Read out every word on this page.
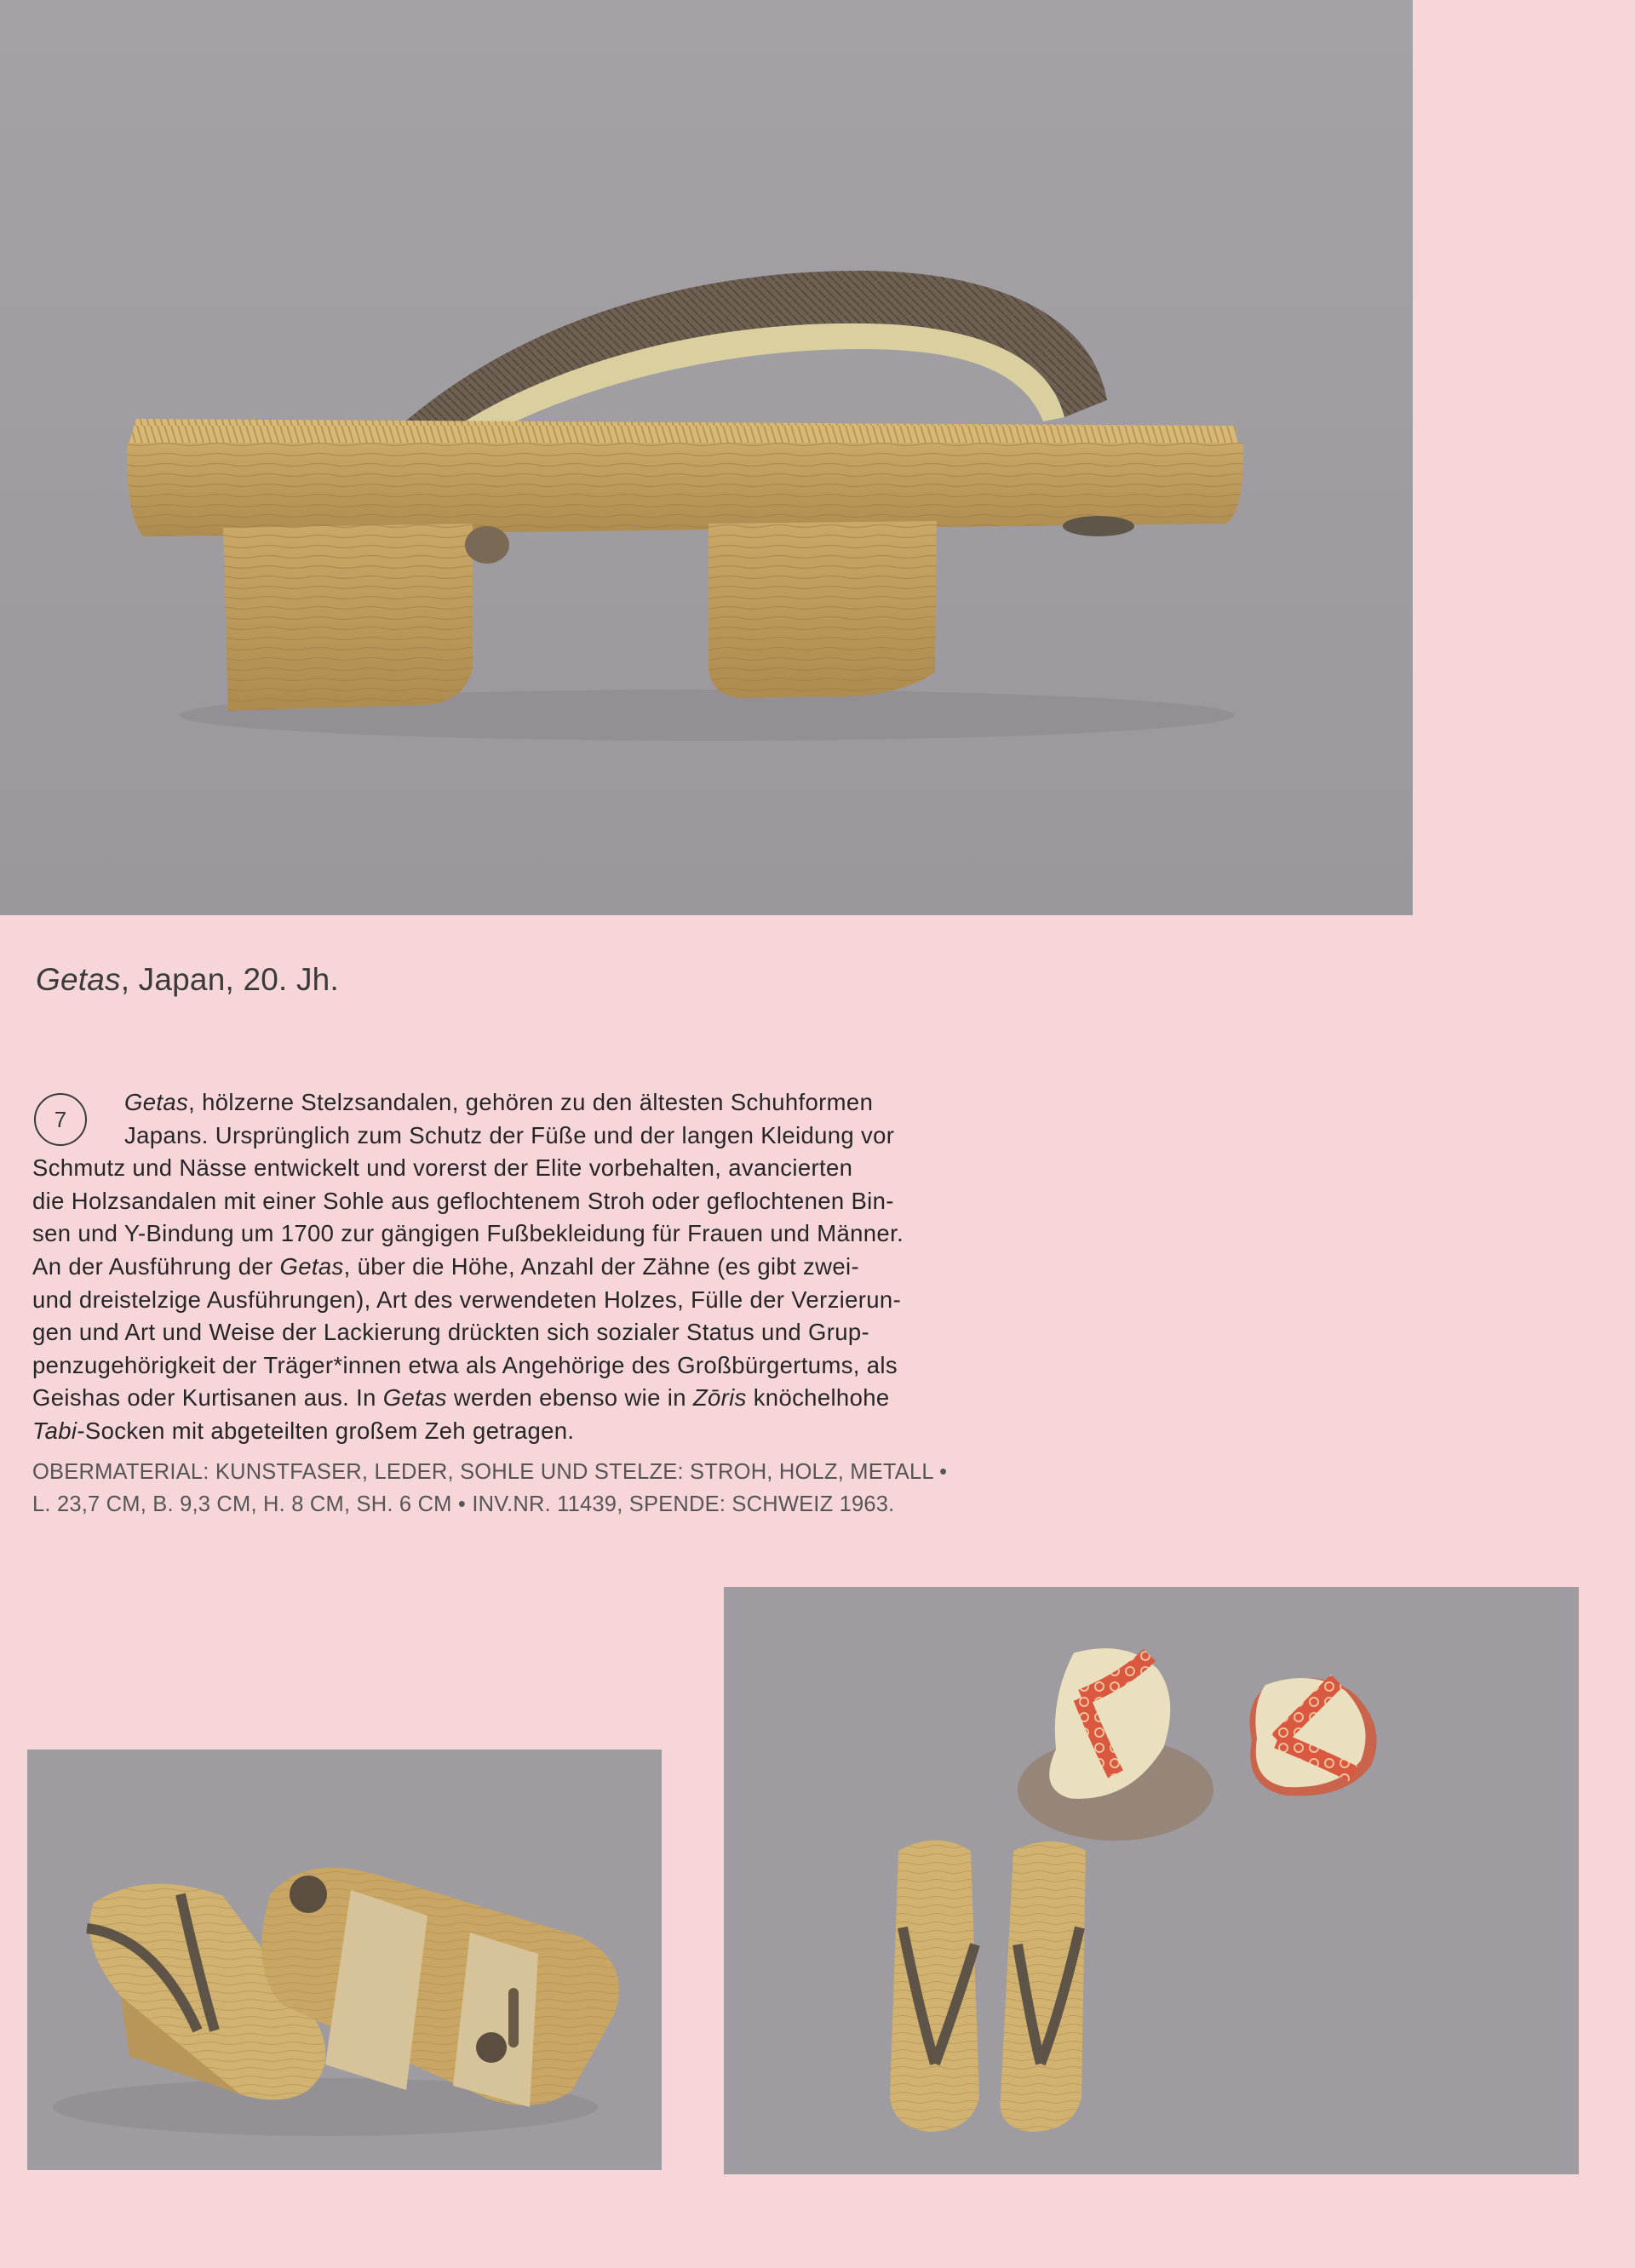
Getas, Japan, 20. Jh.
7

Getas, hölzerne Stelzsandalen, gehören zu den ältesten Schuhformen
Japans. Ursprünglich zum Schutz der Füße und der langen Kleidung vor
Schmutz und Nässe entwickelt und vorerst der Elite vorbehalten, avancierten
die Holzsandalen mit einer Sohle aus geflochtenem Stroh oder geflochtenen Bin-
sen und Y-Bindung um 1700 zur gängigen Fußbekleidung für Frauen und Männer.
An der Ausführung der Getas, über die Höhe, Anzahl der Zähne (es gibt zwei-
und dreistelzige Ausführungen), Art des verwendeten Holzes, Fülle der Verzierun-
gen und Art und Weise der Lackierung drückten sich sozialer Status und Grup-
penzugehörigkeit der Träger*innen etwa als Angehörige des Großbürgertums, als
Geishas oder Kurtisanen aus. In Getas werden ebenso wie in Zōris knöchelhohe
Tabi-Socken mit abgeteilten großem Zeh getragen.

OBERMATERIAL: KUNSTFASER, LEDER, SOHLE UND STELZE: STROH, HOLZ, METALL •
L. 23,7 CM, B. 9,3 CM, H. 8 CM, SH. 6 CM • INV.NR. 11439, SPENDE: SCHWEIZ 1963.
